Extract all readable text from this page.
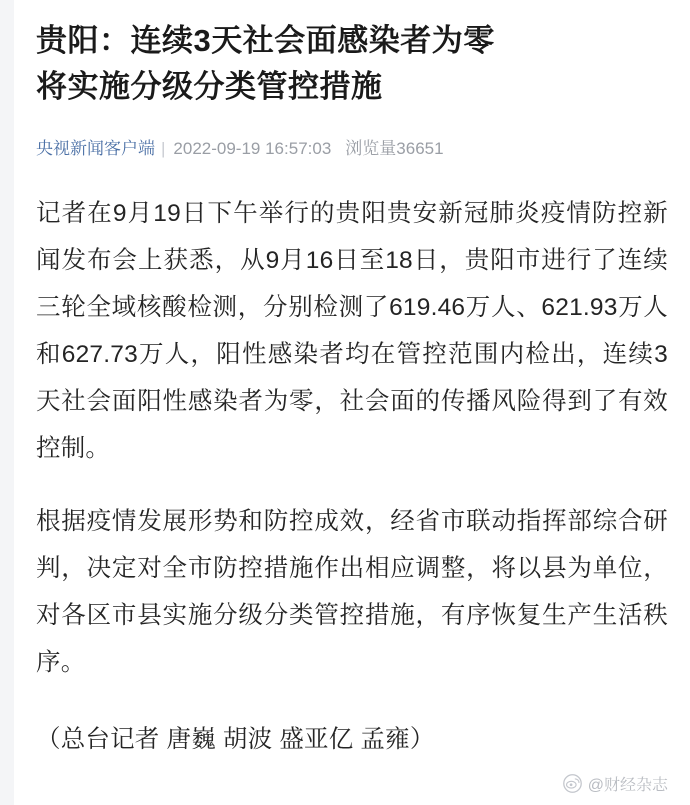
贵阳：连续3天社会面感染者为零
将实施分级分类管控措施
央视新闻客户端 | 2022-09-19 16:57:03 浏览量36651

记者在9月19日下午举行的贵阳贵安新冠肺炎疫情防控新闻发布会上获悉，从9月16日至18日，贵阳市进行了连续三轮全域核酸检测，分别检测了619.46万人、621.93万人和627.73万人，阳性感染者均在管控范围内检出，连续3天社会面阳性感染者为零，社会面的传播风险得到了有效控制。

根据疫情发展形势和防控成效，经省市联动指挥部综合研判，决定对全市防控措施作出相应调整，将以县为单位，对各区市县实施分级分类管控措施，有序恢复生产生活秩序。

（总台记者 唐巍 胡波 盛亚亿 孟雍）

@财经杂志
